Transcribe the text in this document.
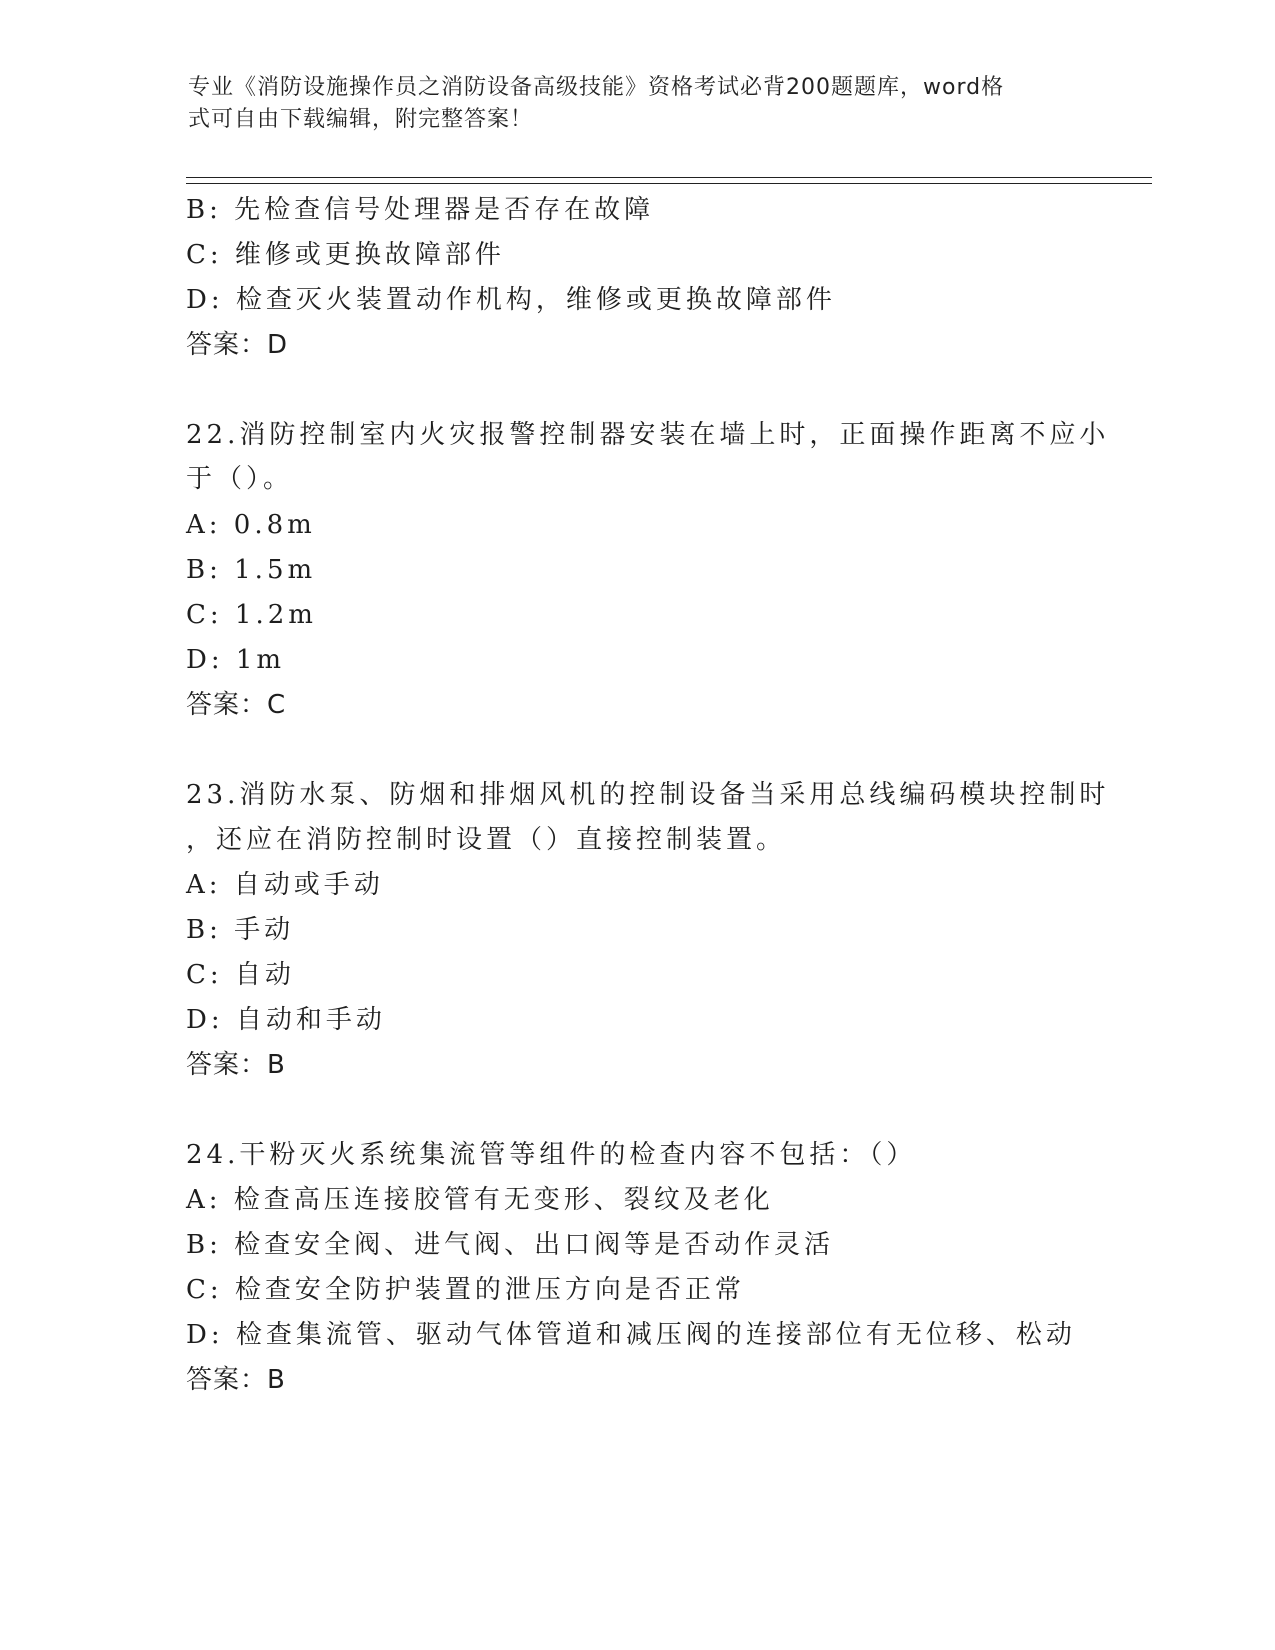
专业《消防设施操作员之消防设备高级技能》资格考试必背200题题库，word格
式可自由下载编辑，附完整答案！
B: 先检查信号处理器是否存在故障
C: 维修或更换故障部件
D: 检查灭火装置动作机构，维修或更换故障部件
答案：D
22.消防控制室内火灾报警控制器安装在墙上时，正面操作距离不应小
于（）。
A: 0.8m
B: 1.5m
C: 1.2m
D: 1m
答案：C
23.消防水泵、防烟和排烟风机的控制设备当采用总线编码模块控制时
，还应在消防控制时设置（）直接控制装置。
A: 自动或手动
B: 手动
C: 自动
D: 自动和手动
答案：B
24.干粉灭火系统集流管等组件的检查内容不包括：（）
A: 检查高压连接胶管有无变形、裂纹及老化
B: 检查安全阀、进气阀、出口阀等是否动作灵活
C: 检查安全防护装置的泄压方向是否正常
D: 检查集流管、驱动气体管道和减压阀的连接部位有无位移、松动
答案：B
